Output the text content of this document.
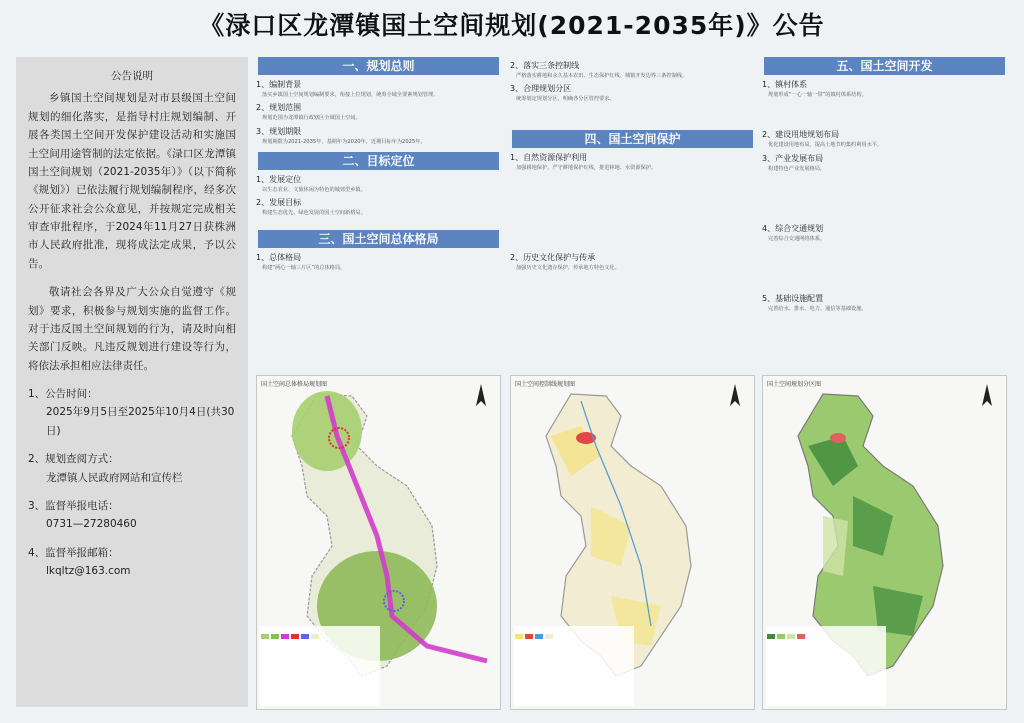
《渌口区龙潭镇国土空间规划(2021-2035年)》公告
公告说明

乡镇国土空间规划是对市县级国土空间规划的细化落实，是指导村庄规划编制、开展各类国土空间开发保护建设活动和实施国土空间用途管制的法定依据。《渌口区龙潭镇国土空间规划（2021-2035年）》（以下简称《规划》）已依法履行规划编制程序，经多次公开征求社会公众意见，并按规定完成相关审查审批程序，于2024年11月27日获株洲市人民政府批准，现将成法定成果，予以公告。

敬请社会各界及广大公众自觉遵守《规划》要求，积极参与规划实施的监督工作。对于违反国土空间规划的行为，请及时向相关部门反映。凡违反规划进行建设等行为，将依法承担相应法律责任。

1、公告时间：
2025年9月5日至2025年10月4日(共30日)
2、规划查阅方式：
龙潭镇人民政府网站和宣传栏
3、监督举报电话：
0731—27280460
4、监督举报邮箱：
lkqltz@163.com
一、规划总则
1、编制背景
落实乡镇国土空间规划编制要求，衔接上位规划，统筹全域全要素规划管理。
2、规划范围
规划范围为龙潭镇行政辖区全域国土空间。
3、规划期限
规划期限为2021-2035年，基期年为2020年，近期目标年为2025年。
二、目标定位
1、发展定位
以生态农业、文旅休闲为特色的城郊型乡镇。
2、发展目标
构建生态优先、绿色发展的国土空间新格局。
三、国土空间总体格局
1、总体格局
构建“两心一轴三片区”的总体格局。
2、落实三条控制线
严格落实耕地和永久基本农田、生态保护红线、城镇开发边界三条控制线。
3、合理规划分区
统筹划定规划分区，明确各分区管控要求。
四、国土空间保护
1、自然资源保护利用
加强耕地保护，严守耕地保护红线，推进林地、水资源保护。
2、历史文化保护与传承
加强历史文化遗存保护，传承地方特色文化。
五、国土空间开发
1、镇村体系
规划形成“一心一轴一带”的镇村体系结构。
2、建设用地规划布局
优化建设用地布局，提高土地节约集约利用水平。
3、产业发展布局
构建特色产业发展格局。
4、综合交通规划
完善综合交通网络体系。
5、基础设施配置
完善给水、排水、电力、通信等基础设施。
国土空间总体格局规划图	国土空间控制线规划图	国土空间规划分区图
